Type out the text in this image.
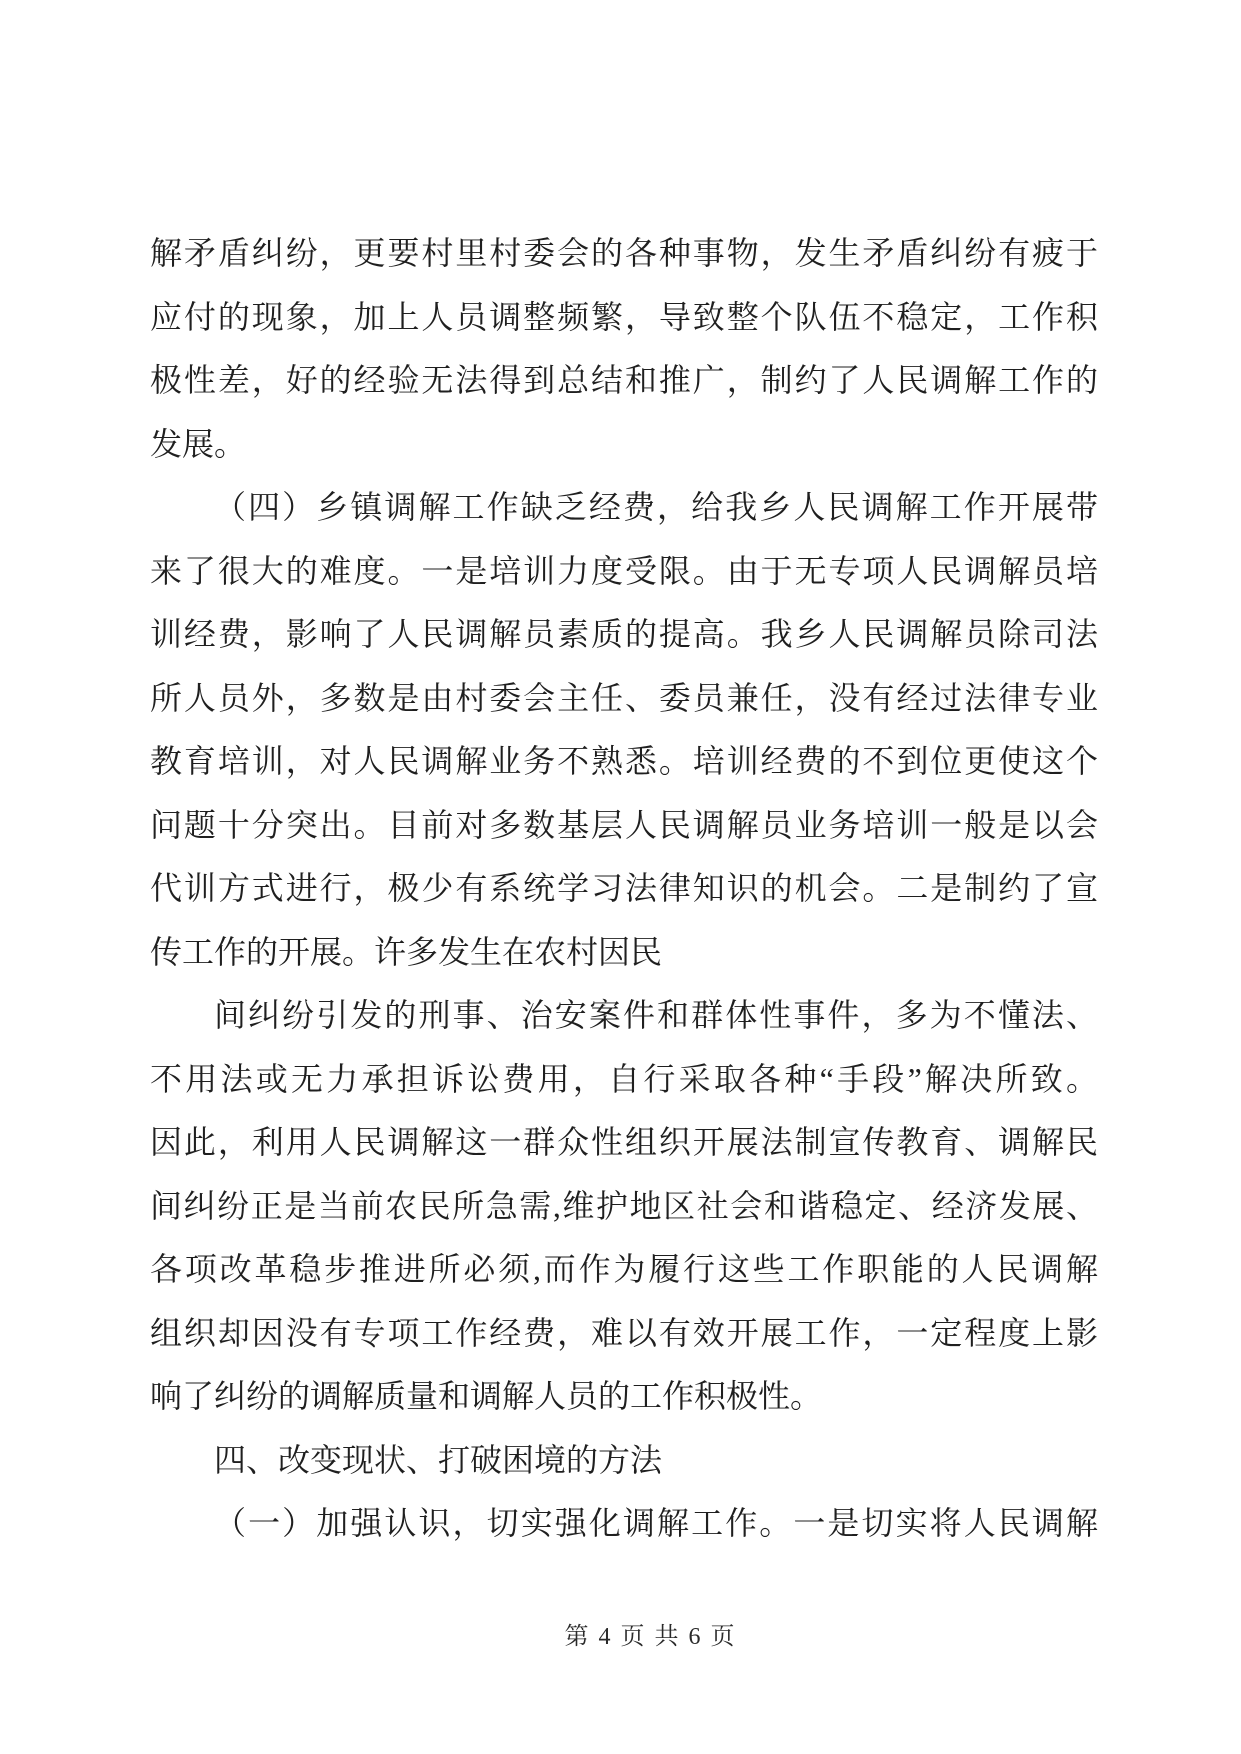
解矛盾纠纷，更要村里村委会的各种事物，发生矛盾纠纷有疲于
应付的现象，加上人员调整频繁，导致整个队伍不稳定，工作积
极性差，好的经验无法得到总结和推广，制约了人民调解工作的
发展。
（四）乡镇调解工作缺乏经费，给我乡人民调解工作开展带
来了很大的难度。一是培训力度受限。由于无专项人民调解员培
训经费，影响了人民调解员素质的提高。我乡人民调解员除司法
所人员外，多数是由村委会主任、委员兼任，没有经过法律专业
教育培训，对人民调解业务不熟悉。培训经费的不到位更使这个
问题十分突出。目前对多数基层人民调解员业务培训一般是以会
代训方式进行，极少有系统学习法律知识的机会。二是制约了宣
传工作的开展。许多发生在农村因民
间纠纷引发的刑事、治安案件和群体性事件，多为不懂法、
不用法或无力承担诉讼费用，自行采取各种“手段”解决所致。
因此，利用人民调解这一群众性组织开展法制宣传教育、调解民
间纠纷正是当前农民所急需,维护地区社会和谐稳定、经济发展、
各项改革稳步推进所必须,而作为履行这些工作职能的人民调解
组织却因没有专项工作经费，难以有效开展工作，一定程度上影
响了纠纷的调解质量和调解人员的工作积极性。
四、改变现状、打破困境的方法
（一）加强认识，切实强化调解工作。一是切实将人民调解
第 4 页 共 6 页
